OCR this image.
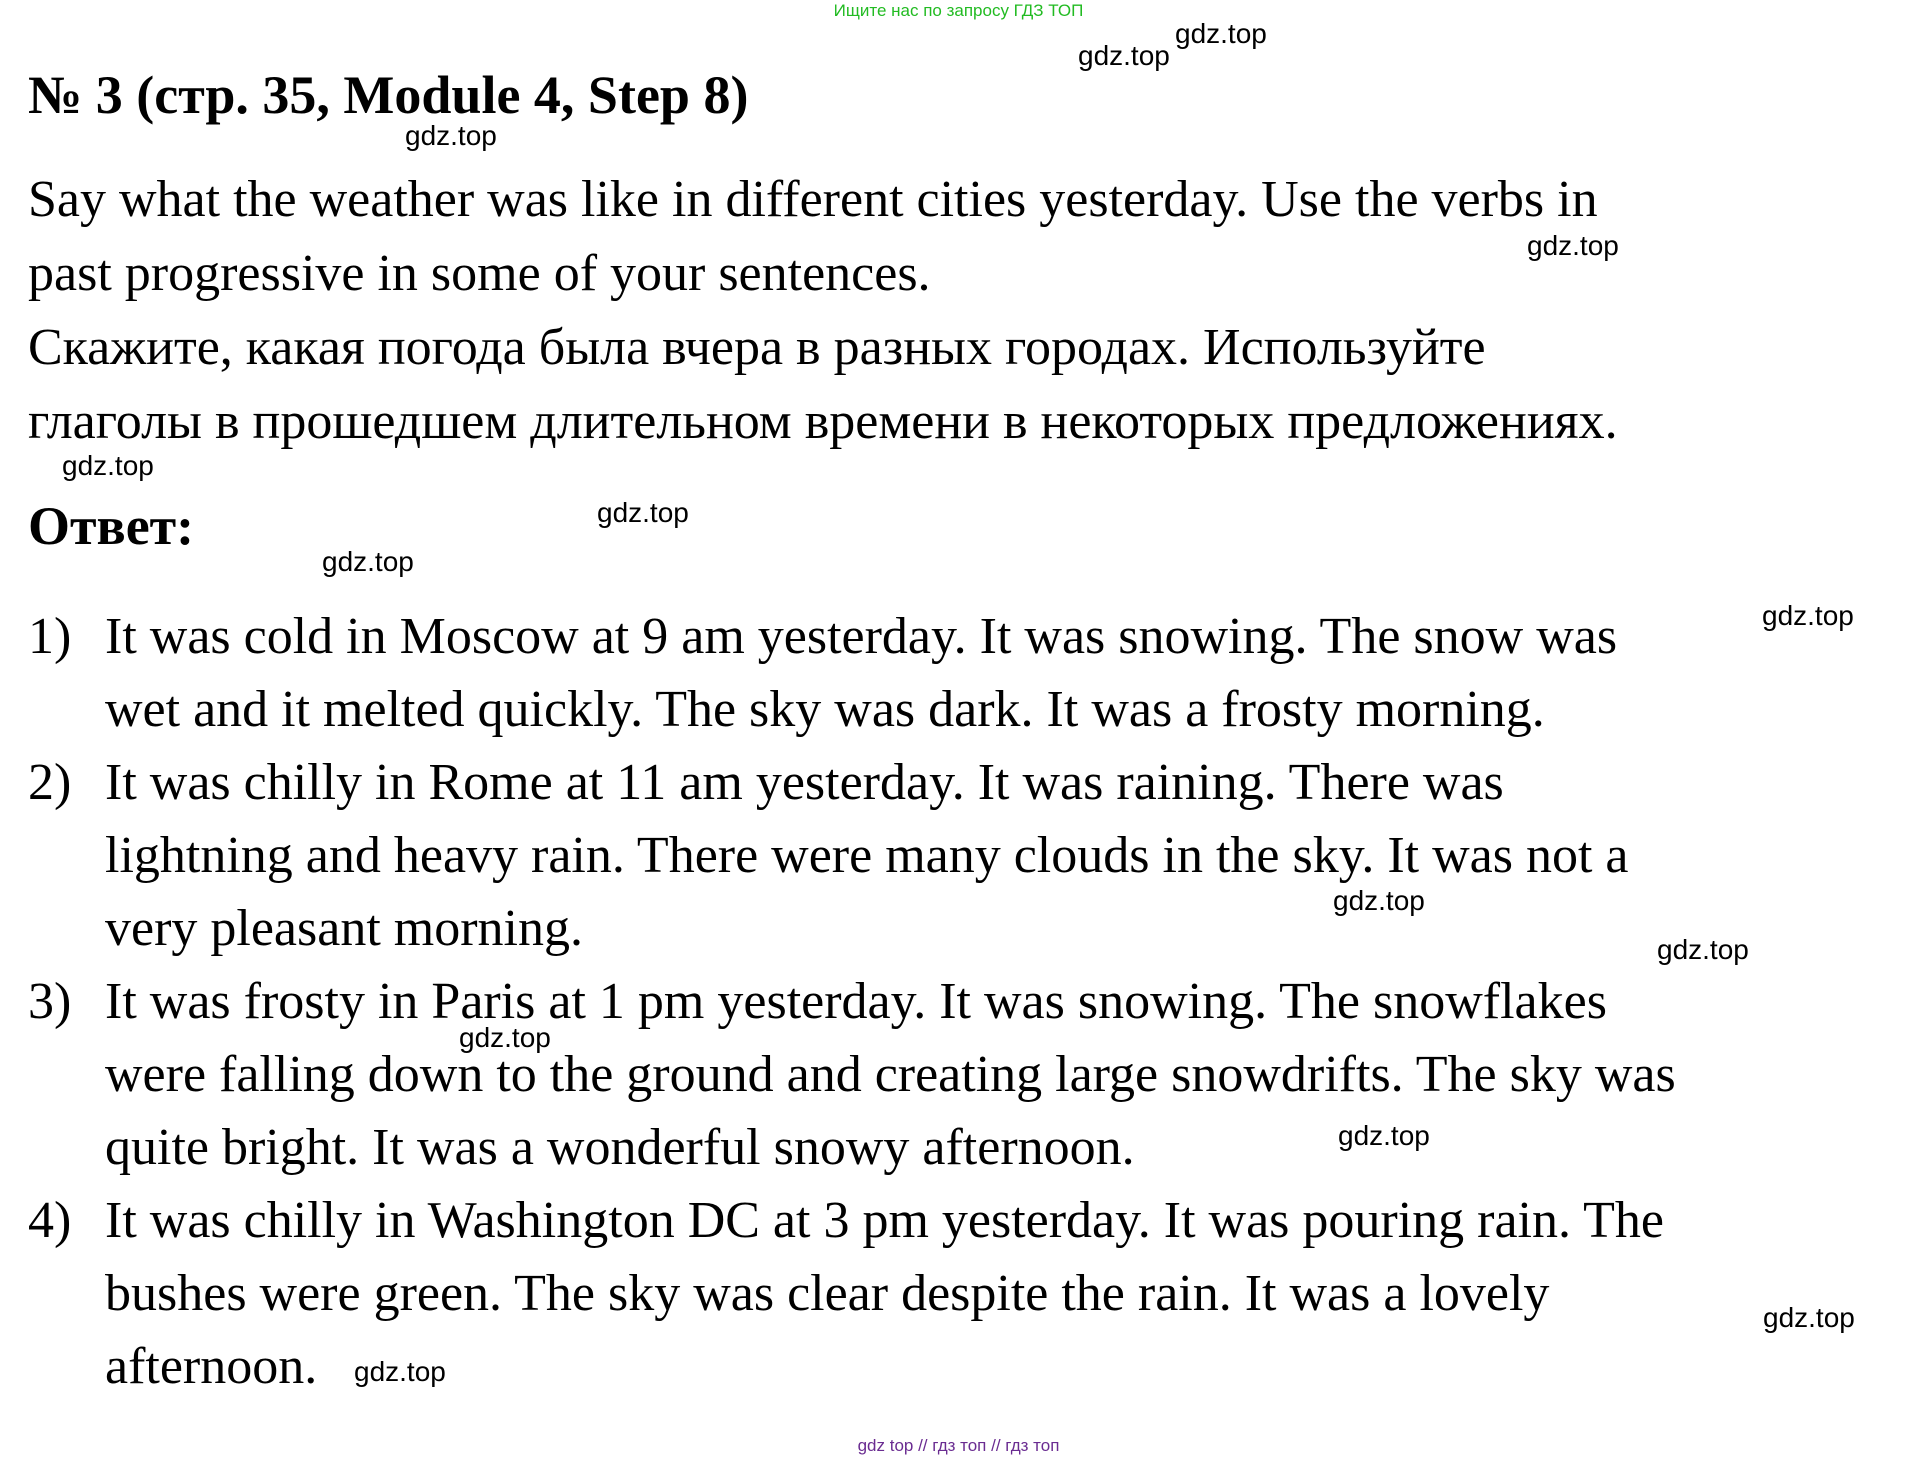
Ищите нас по запросу ГДЗ ТОП
№ 3 (стр. 35, Module 4, Step 8)

Say what the weather was like in different cities yesterday. Use the verbs in

past progressive in some of your sentences.

Скажите, какая погода была вчера в разных городах. Используйте

глаголы в прошедшем длительном времени в некоторых предложениях.

Ответ:
1) It was cold in Moscow at 9 am yesterday. It was snowing. The snow was
wet and it melted quickly. The sky was dark. It was a frosty morning.
2) It was chilly in Rome at 11 am yesterday. It was raining. There was
lightning and heavy rain. There were many clouds in the sky. It was not a
very pleasant morning.
3) It was frosty in Paris at 1 pm yesterday. It was snowing. The snowflakes
were falling down to the ground and creating large snowdrifts. The sky was
quite bright. It was a wonderful snowy afternoon.
4) It was chilly in Washington DC at 3 pm yesterday. It was pouring rain. The
bushes were green. The sky was clear despite the rain. It was a lovely
afternoon.
gdz.top
gdz.top
gdz.top
gdz.top
gdz.top
gdz.top
gdz.top
gdz.top
gdz.top
gdz.top
gdz.top
gdz.top
gdz.top
gdz.top
gdz top // гдз топ // гдз топ
